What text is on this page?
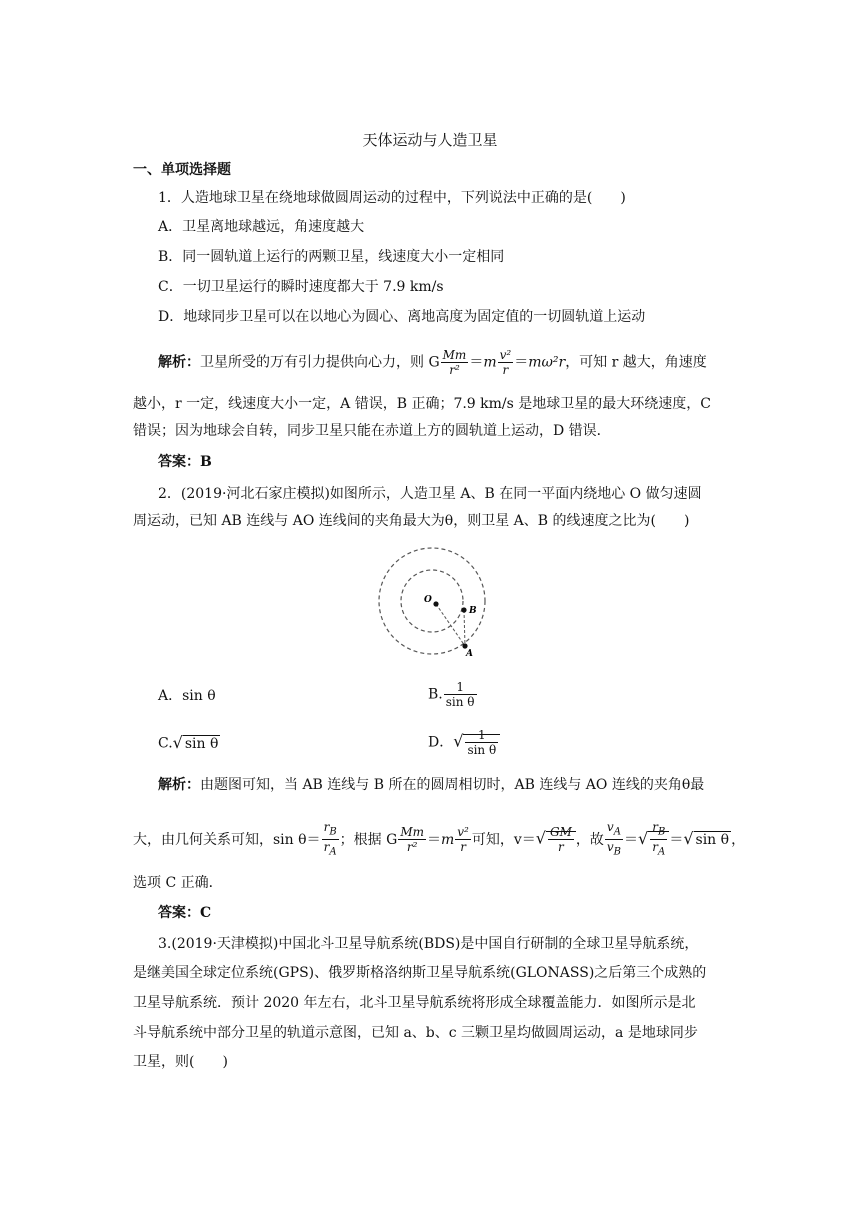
天体运动与人造卫星
一、单项选择题
1．人造地球卫星在绕地球做圆周运动的过程中，下列说法中正确的是(　　)
A．卫星离地球越远，角速度越大
B．同一圆轨道上运行的两颗卫星，线速度大小一定相同
C．一切卫星运行的瞬时速度都大于 7.9 km/s
D．地球同步卫星可以在以地心为圆心、离地高度为固定值的一切圆轨道上运动
解析：卫星所受的万有引力提供向心力，则 G $\frac{Mm}{\text{r²}} =m \frac{\text{v²}}{r} =m\omega^2r$，可知 r 越大，角速度
越小，r 一定，线速度大小一定，A 错误，B 正确；7.9 km/s 是地球卫星的最大环绕速度，C
错误；因为地球会自转，同步卫星只能在赤道上方的圆轨道上运动，D 错误．
答案：B
2．(2019·河北石家庄模拟)如图所示，人造卫星 A、B 在同一平面内绕地心 O 做匀速圆
周运动，已知 AB 连线与 AO 连线间的夹角最大为θ，则卫星 A、B 的线速度之比为(　　)
O
B
A
A．sin θ	B. $\frac{1}{\text{sin θ}}$
C.√ sin θ	D．√ $\frac{1}{\text{sin θ}}$
解析：由题图可知，当 AB 连线与 B 所在的圆周相切时，AB 连线与 AO 连线的夹角θ最
大，由几何关系可知，$\sin \theta= \frac{r_B}{r_A}$ ；根据 G $\frac{Mm}{\text{r²}} =m \frac{\text{v²}}{r}$ 可知，$v=√ \frac{GM}{r}$ ，故 $\frac{v_A}{v_B}$ ＝√ $\frac{r_B}{r_A}$ ＝√ sin θ ，
选项 C 正确．
答案：C
3.(2019·天津模拟)中国北斗卫星导航系统(BDS)是中国自行研制的全球卫星导航系统，
是继美国全球定位系统(GPS)、俄罗斯格洛纳斯卫星导航系统(GLONASS)之后第三个成熟的
卫星导航系统．预计 2020 年左右，北斗卫星导航系统将形成全球覆盖能力．如图所示是北
斗导航系统中部分卫星的轨道示意图，已知 a、b、c 三颗卫星均做圆周运动，a 是地球同步
卫星，则(　　)
